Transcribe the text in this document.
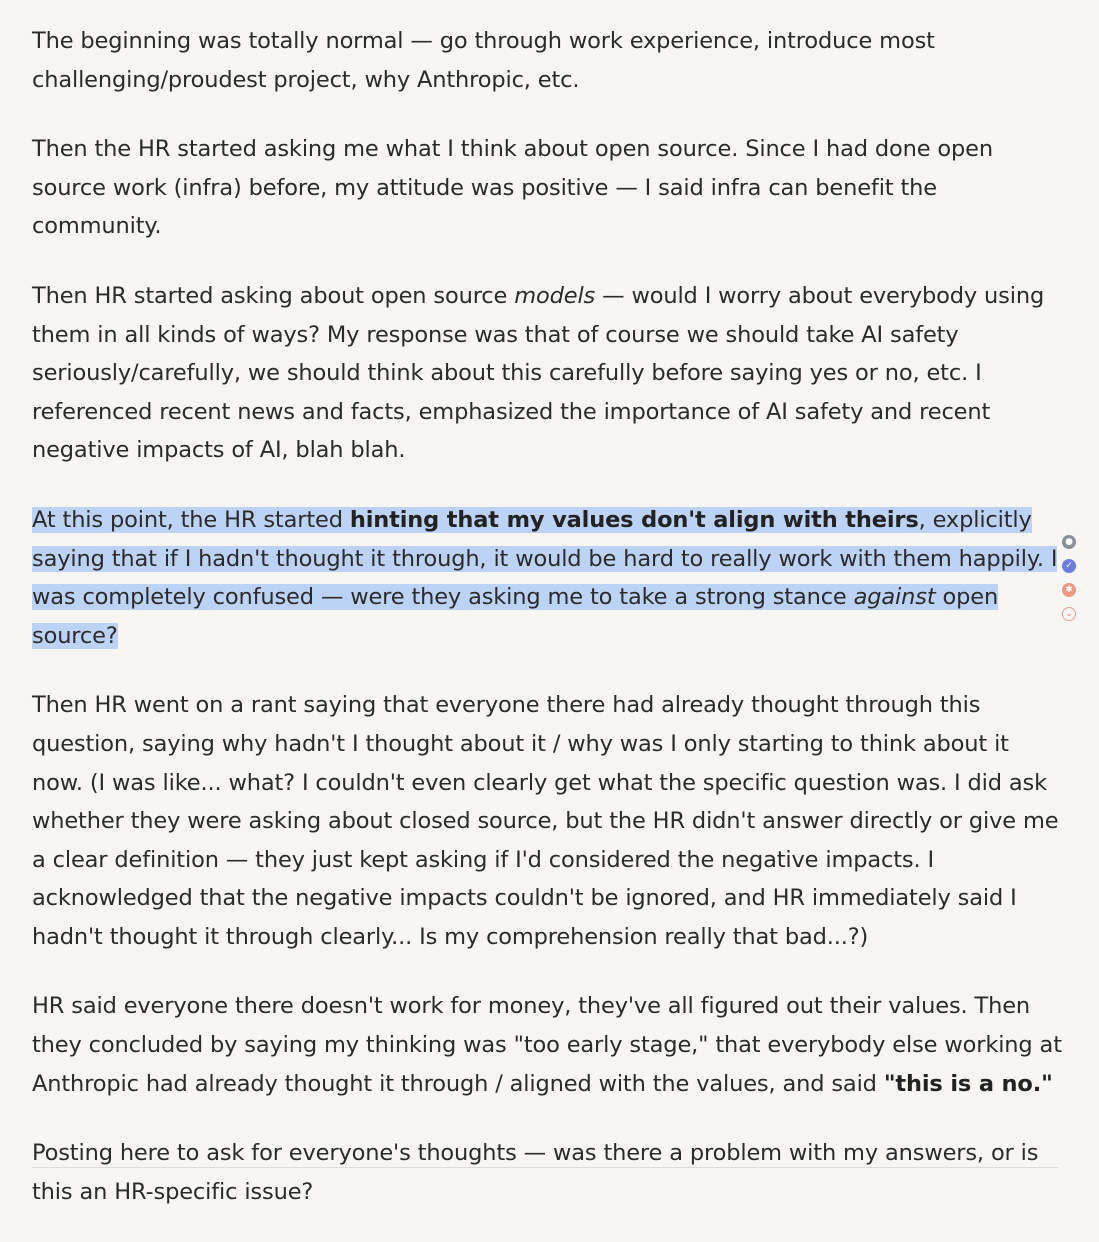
The beginning was totally normal — go through work experience, introduce most challenging/proudest project, why Anthropic, etc.

Then the HR started asking me what I think about open source. Since I had done open source work (infra) before, my attitude was positive — I said infra can benefit the community.

Then HR started asking about open source models — would I worry about everybody using them in all kinds of ways? My response was that of course we should take AI safety seriously/carefully, we should think about this carefully before saying yes or no, etc. I referenced recent news and facts, emphasized the importance of AI safety and recent negative impacts of AI, blah blah.

At this point, the HR started hinting that my values don't align with theirs, explicitly saying that if I hadn't thought it through, it would be hard to really work with them happily. I was completely confused — were they asking me to take a strong stance against open source?

Then HR went on a rant saying that everyone there had already thought through this question, saying why hadn't I thought about it / why was I only starting to think about it now. (I was like... what? I couldn't even clearly get what the specific question was. I did ask whether they were asking about closed source, but the HR didn't answer directly or give me a clear definition — they just kept asking if I'd considered the negative impacts. I acknowledged that the negative impacts couldn't be ignored, and HR immediately said I hadn't thought it through clearly... Is my comprehension really that bad...?)

HR said everyone there doesn't work for money, they've all figured out their values. Then they concluded by saying my thinking was "too early stage," that everybody else working at Anthropic had already thought it through / aligned with the values, and said "this is a no."

Posting here to ask for everyone's thoughts — was there a problem with my answers, or is this an HR-specific issue?

●
✓
✱
⌄
